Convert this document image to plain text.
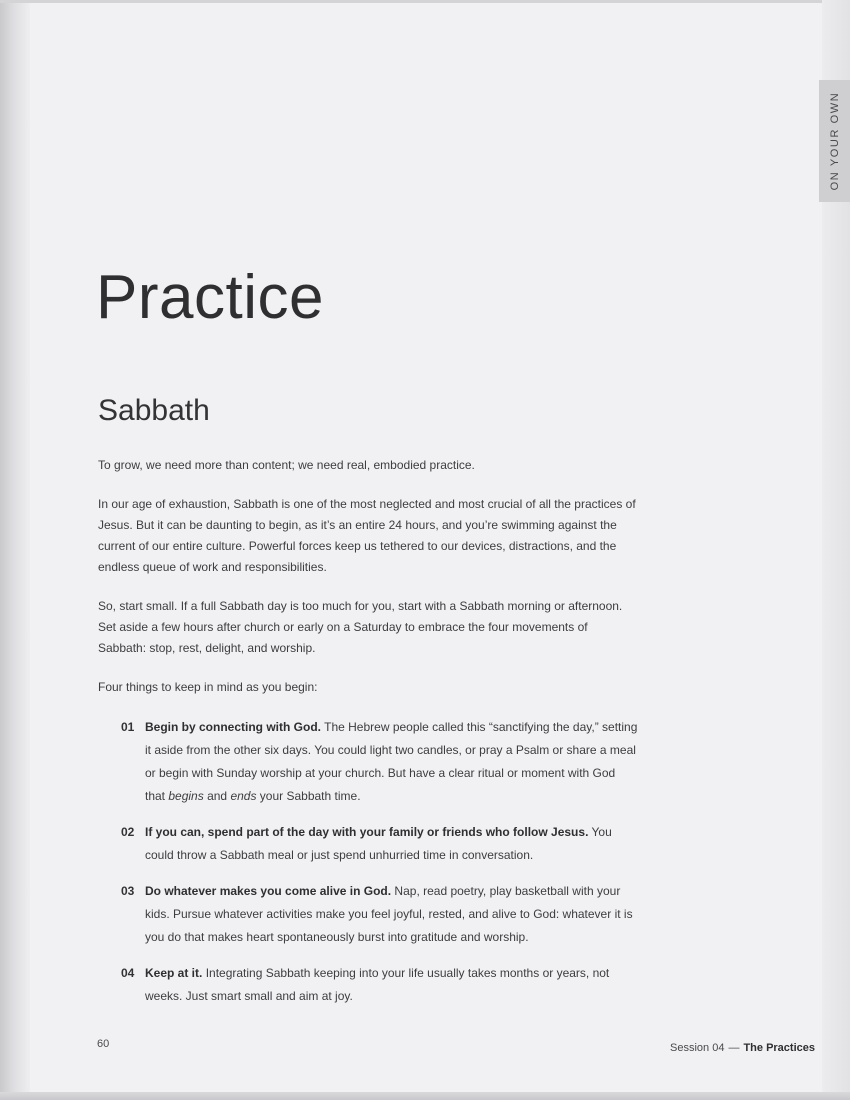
ON YOUR OWN
Practice
Sabbath

To grow, we need more than content; we need real, embodied practice.

In our age of exhaustion, Sabbath is one of the most neglected and most crucial of all the practices of Jesus. But it can be daunting to begin, as it’s an entire 24 hours, and you’re swimming against the current of our entire culture. Powerful forces keep us tethered to our devices, distractions, and the endless queue of work and responsibilities.

So, start small. If a full Sabbath day is too much for you, start with a Sabbath morning or afternoon. Set aside a few hours after church or early on a Saturday to embrace the four movements of Sabbath: stop, rest, delight, and worship.

Four things to keep in mind as you begin:

01 Begin by connecting with God. The Hebrew people called this “sanctifying the day,” setting it aside from the other six days. You could light two candles, or pray a Psalm or share a meal or begin with Sunday worship at your church. But have a clear ritual or moment with God that begins and ends your Sabbath time.
02 If you can, spend part of the day with your family or friends who follow Jesus. You could throw a Sabbath meal or just spend unhurried time in conversation.
03 Do whatever makes you come alive in God. Nap, read poetry, play basketball with your kids. Pursue whatever activities make you feel joyful, rested, and alive to God: whatever it is you do that makes heart spontaneously burst into gratitude and worship.
04 Keep at it. Integrating Sabbath keeping into your life usually takes months or years, not weeks. Just smart small and aim at joy.
60	Session 04 — The Practices
